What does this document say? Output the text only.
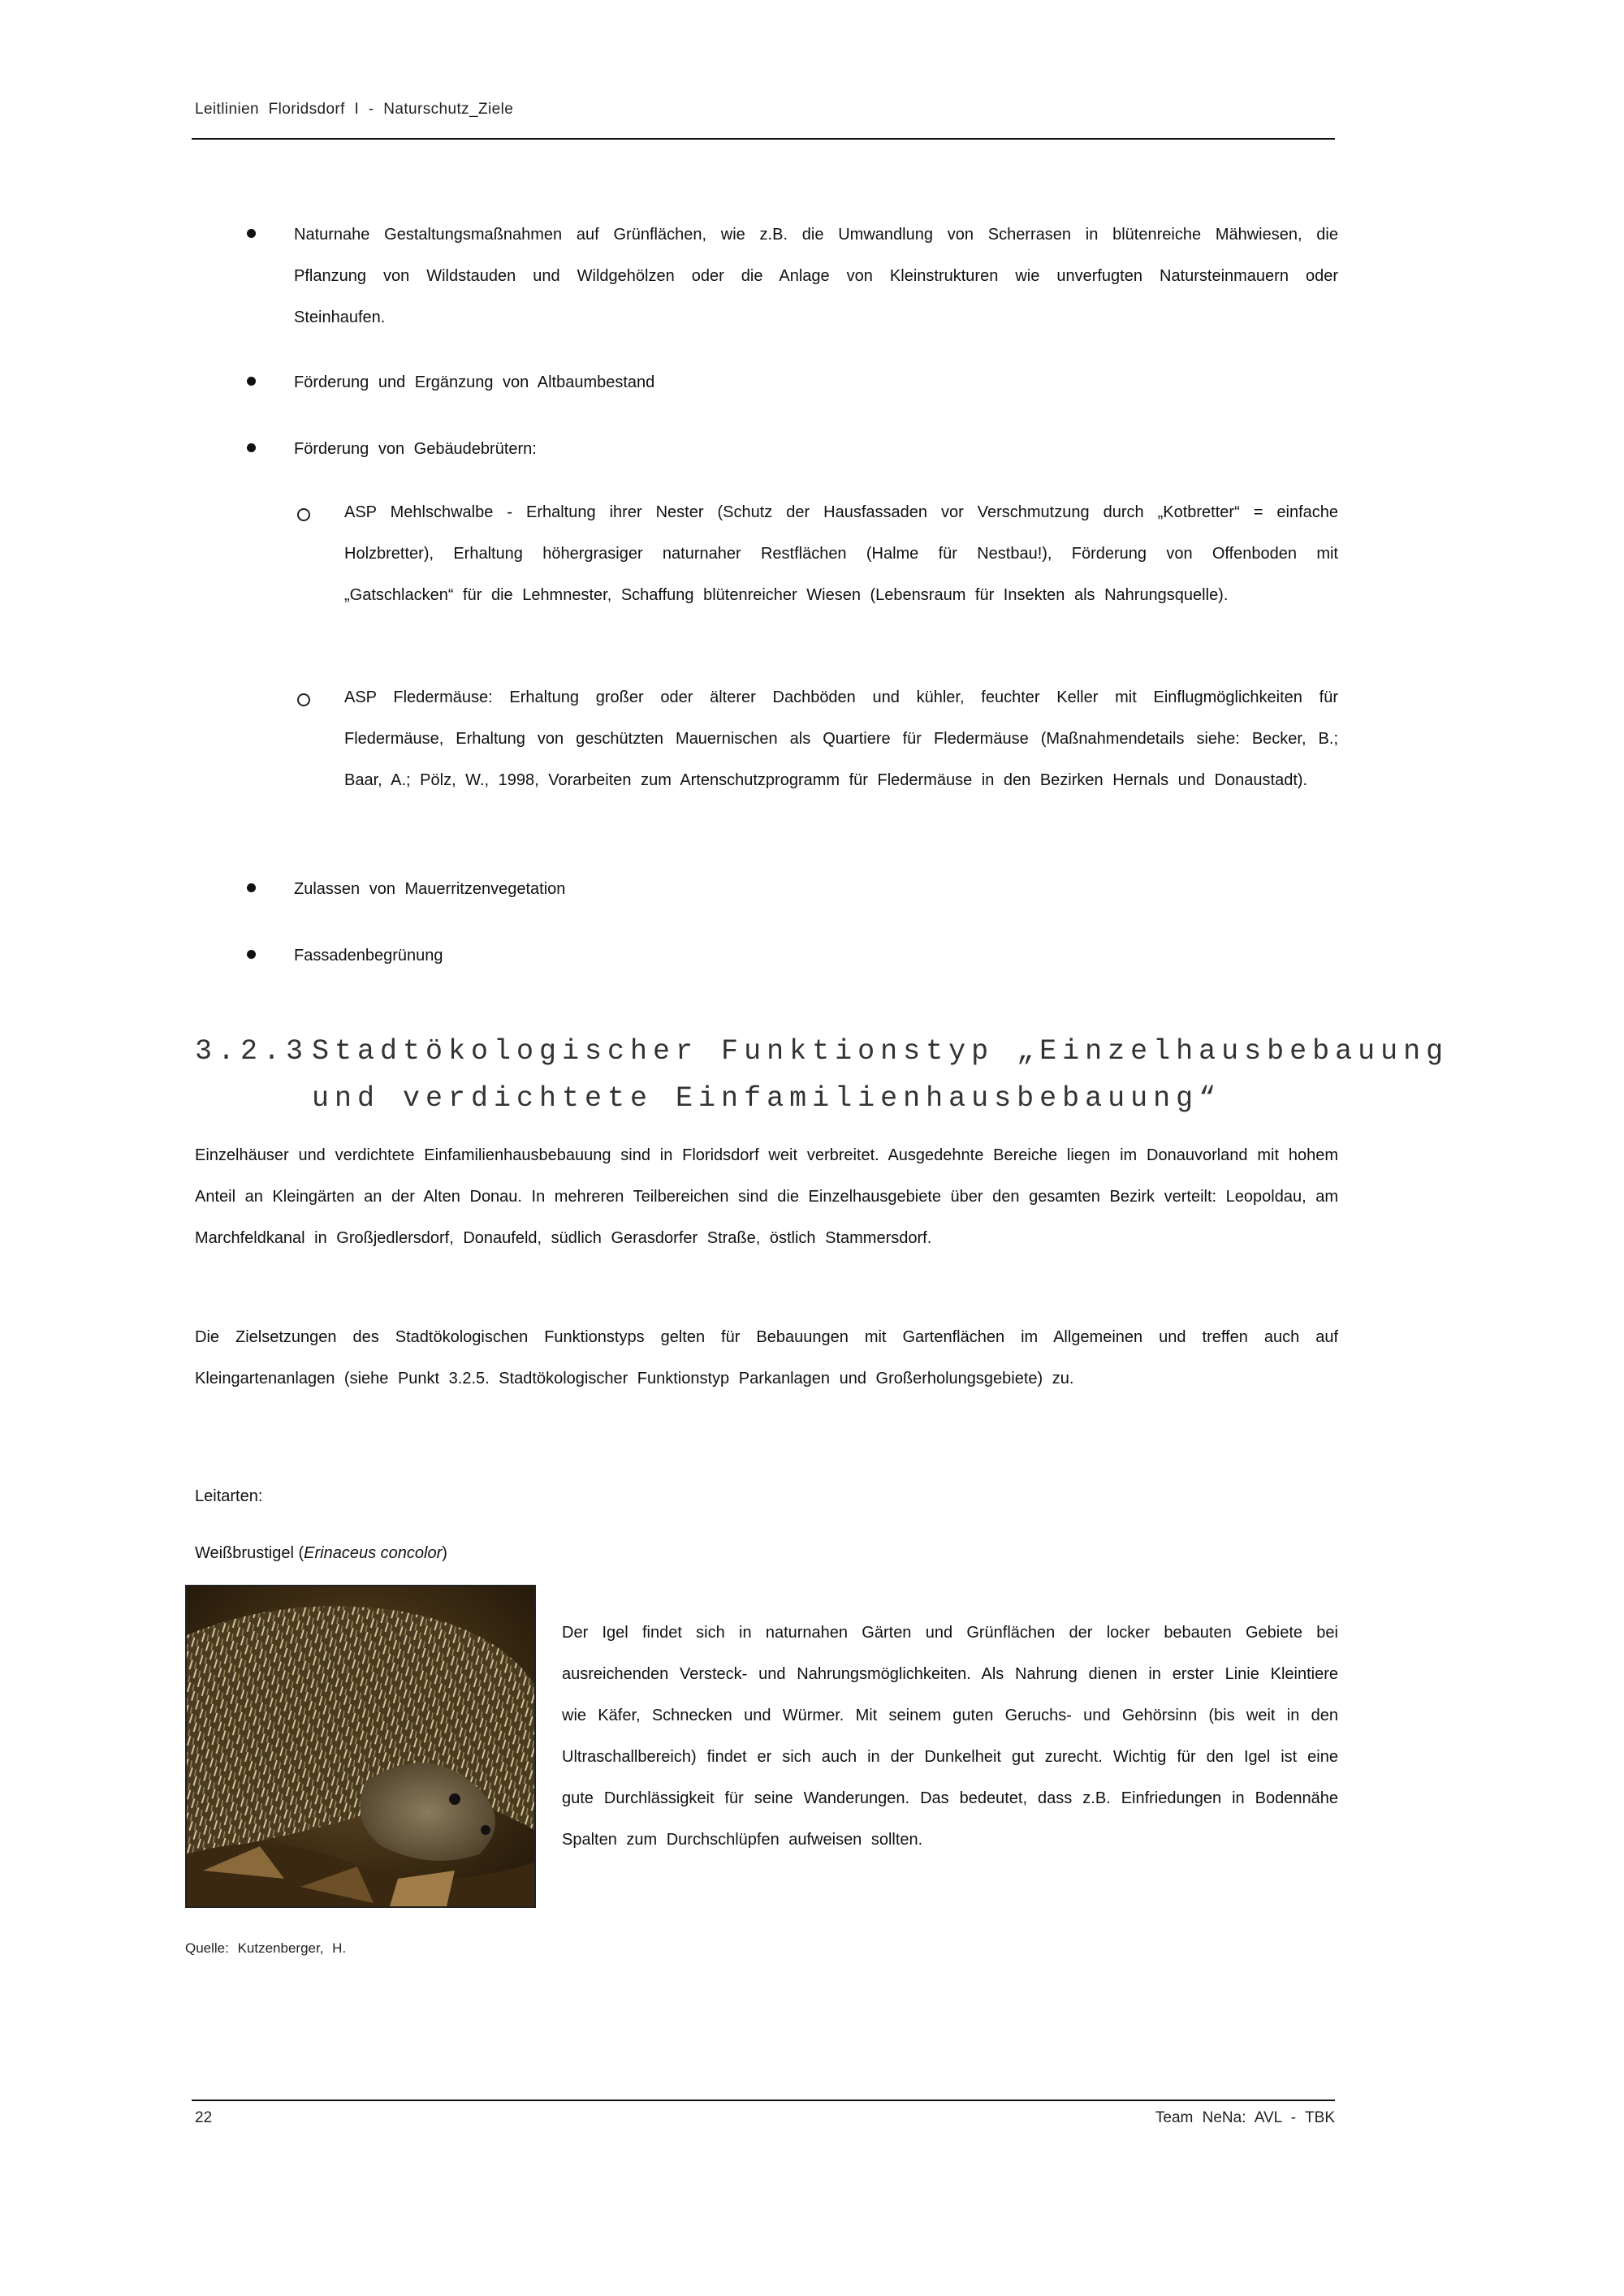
Leitlinien Floridsdorf I - Naturschutz_Ziele
Naturnahe Gestaltungsmaßnahmen auf Grünflächen, wie z.B. die Umwandlung von Scherrasen in blütenreiche Mähwiesen, die Pflanzung von Wildstauden und Wildgehölzen oder die Anlage von Kleinstrukturen wie unverfugten Natursteinmauern oder Steinhaufen.
Förderung und Ergänzung von Altbaumbestand
Förderung von Gebäudebrütern:
ASP Mehlschwalbe - Erhaltung ihrer Nester (Schutz der Hausfassaden vor Verschmutzung durch „Kotbretter“ = einfache Holzbretter), Erhaltung höhergrasiger naturnaher Restflächen (Halme für Nestbau!), Förderung von Offenboden mit „Gatschlacken“ für die Lehmnester, Schaffung blütenreicher Wiesen (Lebensraum für Insekten als Nahrungsquelle).
ASP Fledermäuse: Erhaltung großer oder älterer Dachböden und kühler, feuchter Keller mit Einflugmöglichkeiten für Fledermäuse, Erhaltung von geschützten Mauernischen als Quartiere für Fledermäuse (Maßnahmendetails siehe: Becker, B.; Baar, A.; Pölz, W., 1998, Vorarbeiten zum Artenschutzprogramm für Fledermäuse in den Bezirken Hernals und Donaustadt).
Zulassen von Mauerritzenvegetation
Fassadenbegrünung
3.2.3 Stadtökologischer Funktionstyp „Einzelhausbebauung
und verdichtete Einfamilienhausbebauung“
Einzelhäuser und verdichtete Einfamilienhausbebauung sind in Floridsdorf weit verbreitet. Ausgedehnte Bereiche liegen im Donauvorland mit hohem Anteil an Kleingärten an der Alten Donau. In mehreren Teilbereichen sind die Einzelhausgebiete über den gesamten Bezirk verteilt: Leopoldau, am Marchfeldkanal in Großjedlersdorf, Donaufeld, südlich Gerasdorfer Straße, östlich Stammersdorf.
Die Zielsetzungen des Stadtökologischen Funktionstyps gelten für Bebauungen mit Gartenflächen im Allgemeinen und treffen auch auf Kleingartenanlagen (siehe Punkt 3.2.5. Stadtökologischer Funktionstyp Parkanlagen und Großerholungsgebiete) zu.
Leitarten:
Weißbrustigel (Erinaceus concolor)
Der Igel findet sich in naturnahen Gärten und Grünflächen der locker bebauten Gebiete bei ausreichenden Versteck- und Nahrungsmöglichkeiten. Als Nahrung dienen in erster Linie Kleintiere wie Käfer, Schnecken und Würmer. Mit seinem guten Geruchs- und Gehörsinn (bis weit in den Ultraschallbereich) findet er sich auch in der Dunkelheit gut zurecht. Wichtig für den Igel ist eine gute Durchlässigkeit für seine Wanderungen. Das bedeutet, dass z.B. Einfriedungen in Bodennähe Spalten zum Durchschlüpfen aufweisen sollten.
Quelle: Kutzenberger, H.
22	Team NeNa: AVL - TBK
